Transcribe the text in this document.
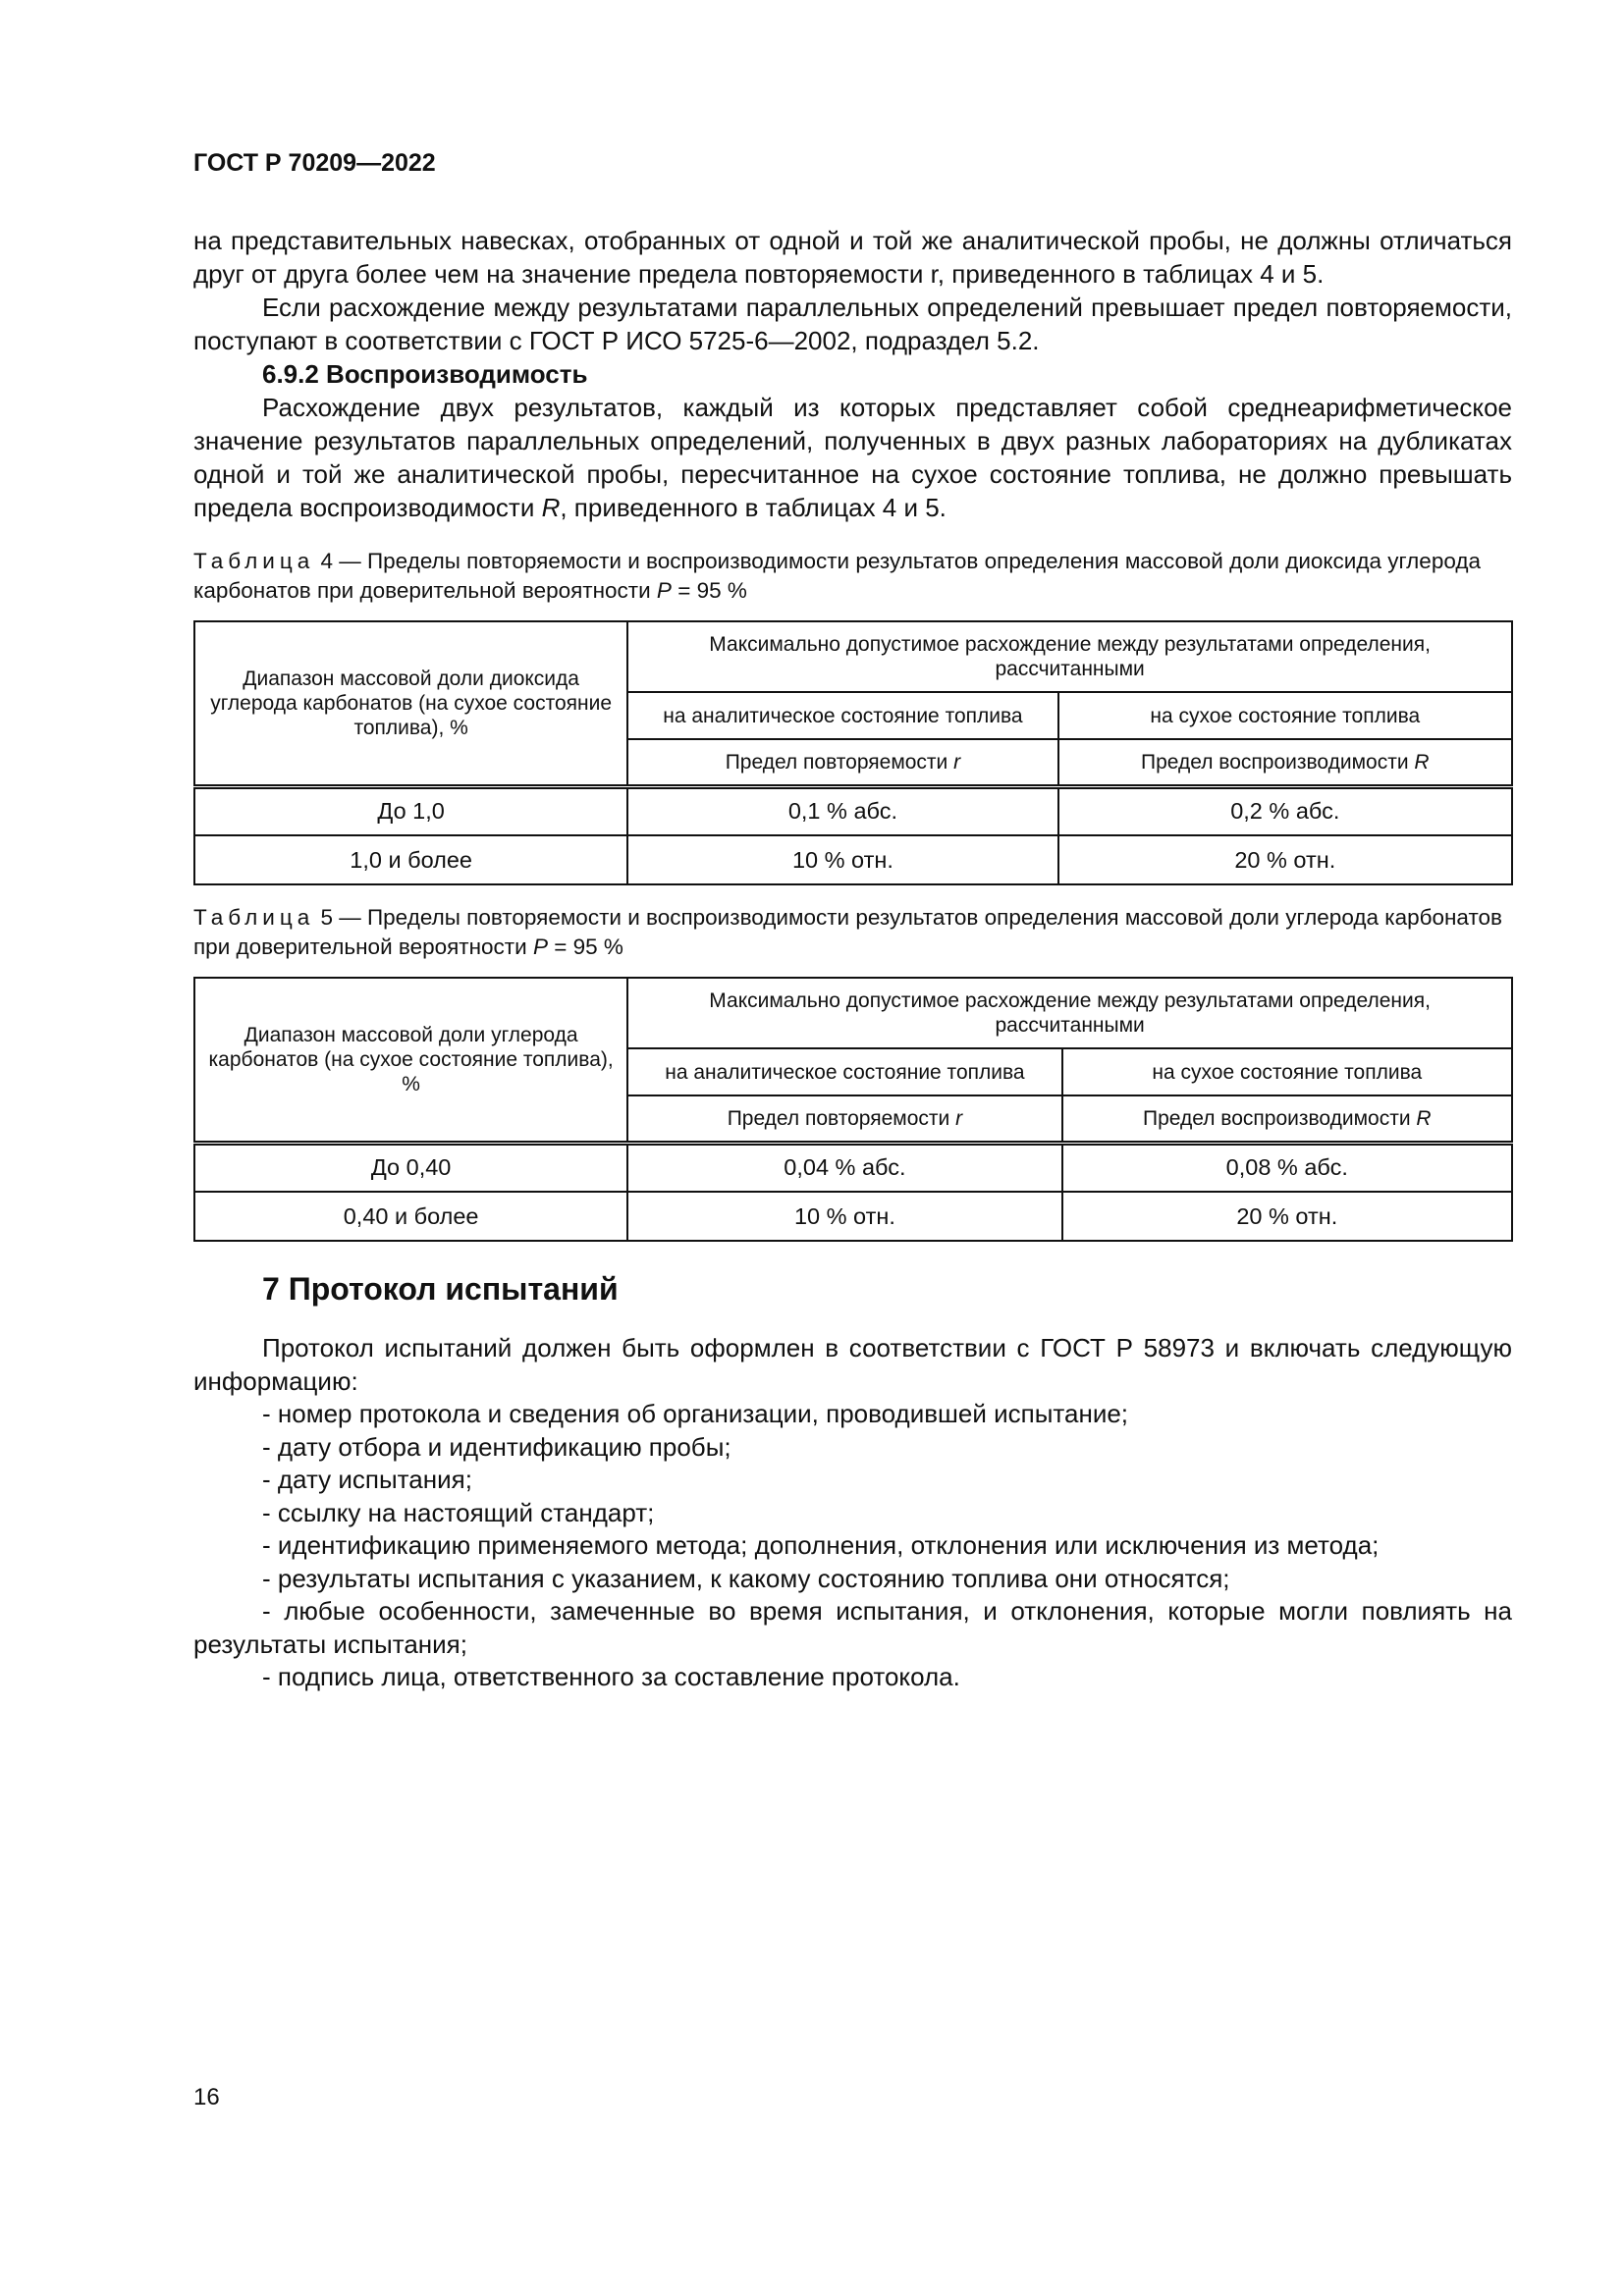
ГОСТ Р 70209—2022

на представительных навесках, отобранных от одной и той же аналитической пробы, не должны отличаться друг от друга более чем на значение предела повторяемости r, приведенного в таблицах 4 и 5.

Если расхождение между результатами параллельных определений превышает предел повторяемости, поступают в соответствии с ГОСТ Р ИСО 5725-6—2002, подраздел 5.2.

6.9.2 Воспроизводимость

Расхождение двух результатов, каждый из которых представляет собой среднеарифметическое значение результатов параллельных определений, полученных в двух разных лабораториях на дубликатах одной и той же аналитической пробы, пересчитанное на сухое состояние топлива, не должно превышать предела воспроизводимости R, приведенного в таблицах 4 и 5.

Таблица 4 — Пределы повторяемости и воспроизводимости результатов определения массовой доли диоксида углерода карбонатов при доверительной вероятности P = 95 %
Диапазон массовой доли диоксида углерода карбонатов (на сухое состояние топлива), %	Максимально допустимое расхождение между результатами определения, рассчитанными	
	на аналитическое состояние топлива	на сухое состояние топлива
	Предел повторяемости r	Предел воспроизводимости R
До 1,0	0,1 % абс.	0,2 % абс.
1,0 и более	10 % отн.	20 % отн.
Таблица 5 — Пределы повторяемости и воспроизводимости результатов определения массовой доли углерода карбонатов при доверительной вероятности P = 95 %
Диапазон массовой доли углерода карбонатов (на сухое состояние топлива), %	Максимально допустимое расхождение между результатами определения, рассчитанными	
	на аналитическое состояние топлива	на сухое состояние топлива
	Предел повторяемости r	Предел воспроизводимости R
До 0,40	0,04 % абс.	0,08 % абс.
0,40 и более	10 % отн.	20 % отн.
7 Протокол испытаний

Протокол испытаний должен быть оформлен в соответствии с ГОСТ Р 58973 и включать следующую информацию:

- номер протокола и сведения об организации, проводившей испытание;

- дату отбора и идентификацию пробы;

- дату испытания;

- ссылку на настоящий стандарт;

- идентификацию применяемого метода; дополнения, отклонения или исключения из метода;

- результаты испытания с указанием, к какому состоянию топлива они относятся;

- любые особенности, замеченные во время испытания, и отклонения, которые могли повлиять на результаты испытания;

- подпись лица, ответственного за составление протокола.

16
